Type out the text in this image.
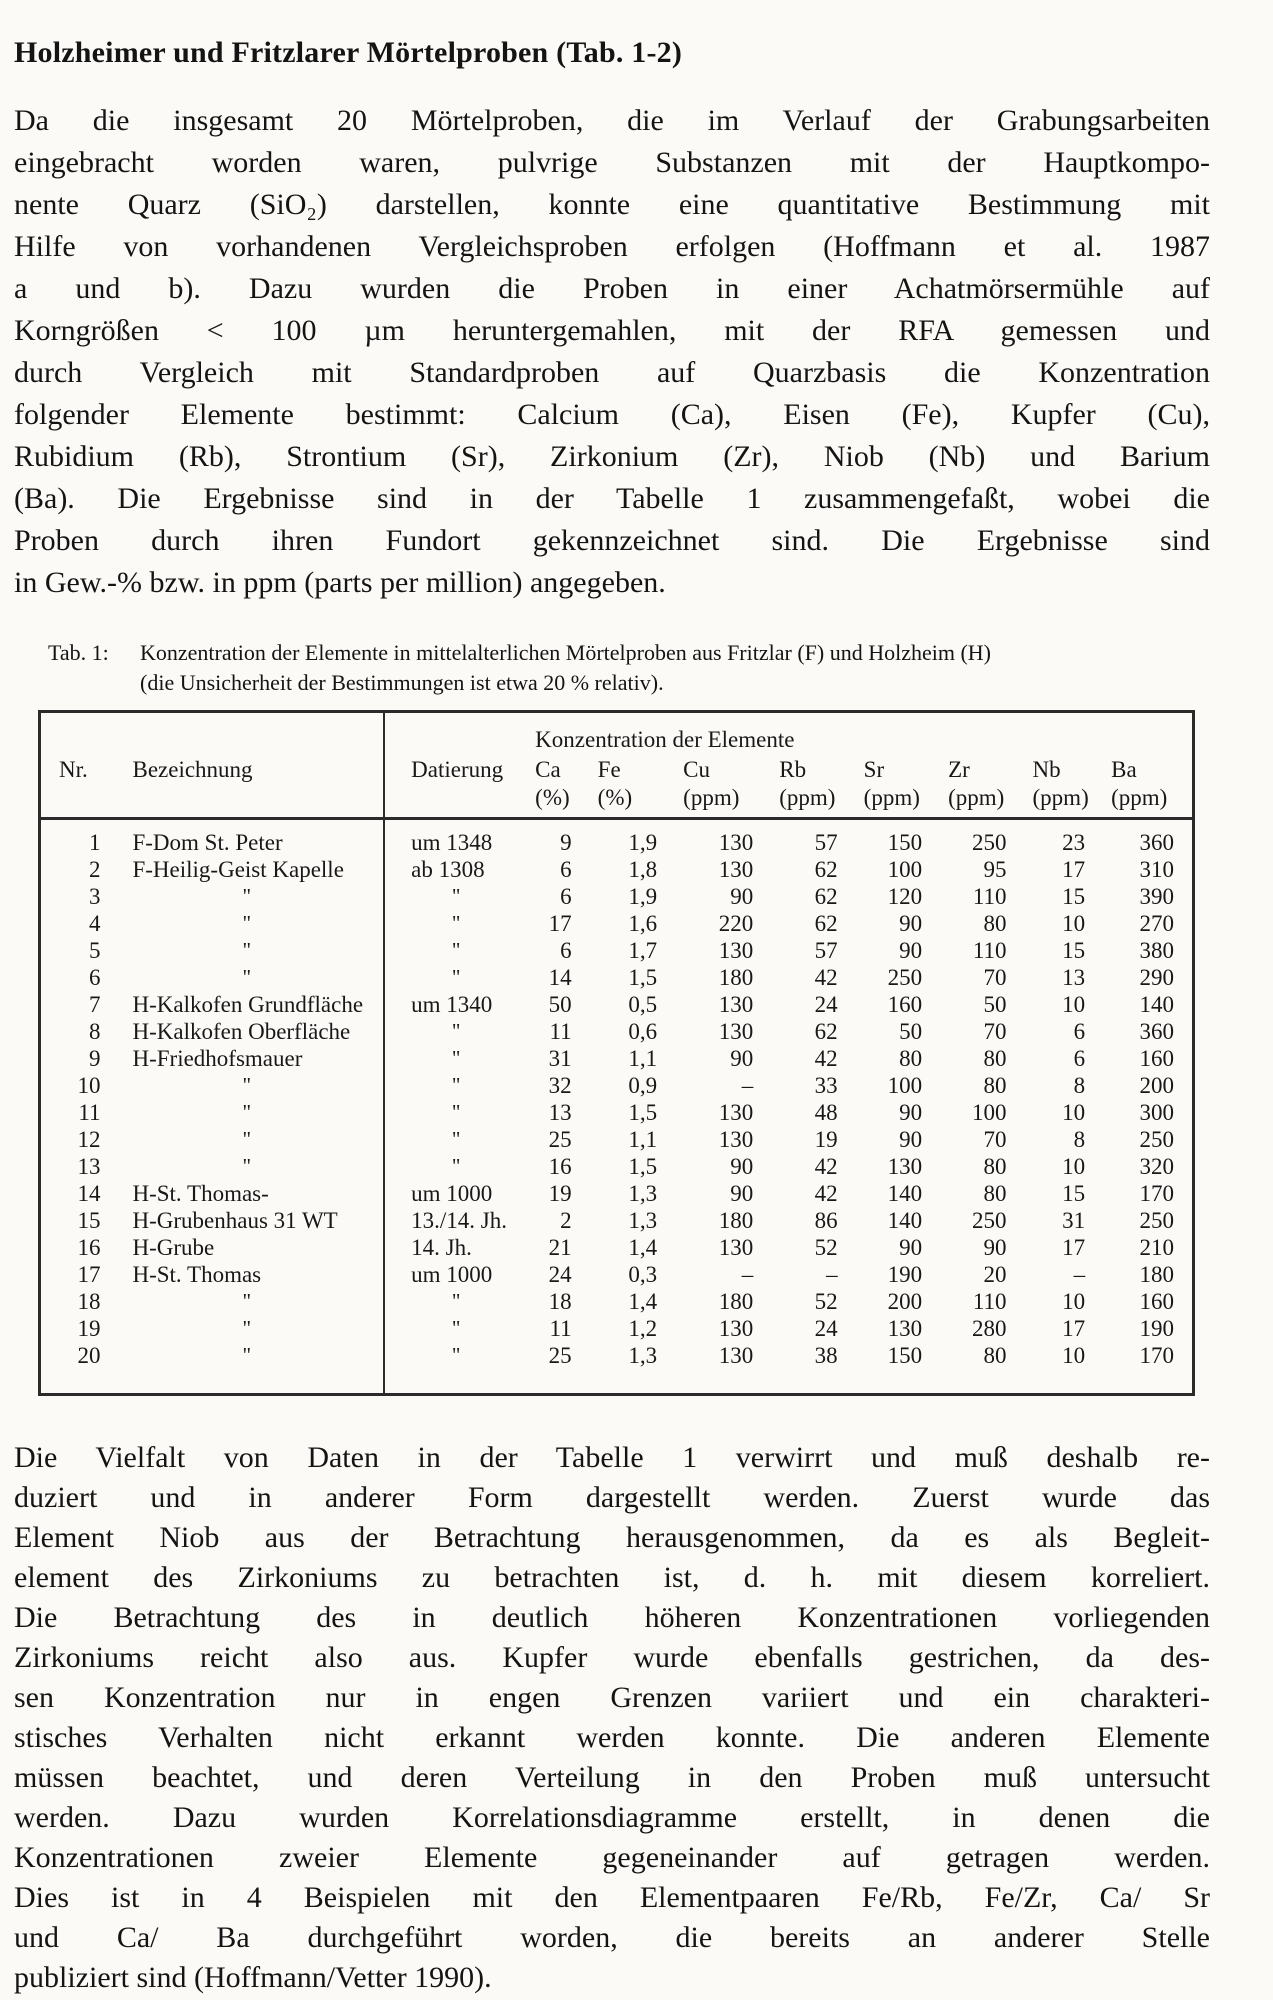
Holzheimer und Fritzlarer Mörtelproben (Tab. 1-2)
Da die insgesamt 20 Mörtelproben, die im Verlauf der Grabungsarbeiten
eingebracht worden waren, pulvrige Substanzen mit der Hauptkompo-
nente Quarz (SiO₂) darstellen, konnte eine quantitative Bestimmung mit
Hilfe von vorhandenen Vergleichsproben erfolgen (Hoffmann et al. 1987
a und b). Dazu wurden die Proben in einer Achatmörsermühle auf
Korngrößen < 100 µm heruntergemahlen, mit der RFA gemessen und
durch Vergleich mit Standardproben auf Quarzbasis die Konzentration
folgender Elemente bestimmt: Calcium (Ca), Eisen (Fe), Kupfer (Cu),
Rubidium (Rb), Strontium (Sr), Zirkonium (Zr), Niob (Nb) und Barium
(Ba). Die Ergebnisse sind in der Tabelle 1 zusammengefaßt, wobei die
Proben durch ihren Fundort gekennzeichnet sind. Die Ergebnisse sind
in Gew.-% bzw. in ppm (parts per million) angegeben.
Tab. 1:	Konzentration der Elemente in mittelalterlichen Mörtelproben aus Fritzlar (F) und Holzheim (H)
(die Unsicherheit der Bestimmungen ist etwa 20 % relativ).
			Konzentration der Elemente							
Nr.	Bezeichnung	Datierung	Ca	Fe	Cu	Rb	Sr	Zr	Nb	Ba
			(%)	(%)	(ppm)	(ppm)	(ppm)	(ppm)	(ppm)	(ppm)
1	F-Dom St. Peter	um 1348	9	1,9	130	57	150	250	23	360
2	F-Heilig-Geist Kapelle	ab 1308	6	1,8	130	62	100	95	17	310
3	"	"	6	1,9	90	62	120	110	15	390
4	"	"	17	1,6	220	62	90	80	10	270
5	"	"	6	1,7	130	57	90	110	15	380
6	"	"	14	1,5	180	42	250	70	13	290
7	H-Kalkofen Grundfläche	um 1340	50	0,5	130	24	160	50	10	140
8	H-Kalkofen Oberfläche	"	11	0,6	130	62	50	70	6	360
9	H-Friedhofsmauer	"	31	1,1	90	42	80	80	6	160
10	"	"	32	0,9	–	33	100	80	8	200
11	"	"	13	1,5	130	48	90	100	10	300
12	"	"	25	1,1	130	19	90	70	8	250
13	"	"	16	1,5	90	42	130	80	10	320
14	H-St. Thomas-	um 1000	19	1,3	90	42	140	80	15	170
15	H-Grubenhaus 31 WT	13./14. Jh.	2	1,3	180	86	140	250	31	250
16	H-Grube	14. Jh.	21	1,4	130	52	90	90	17	210
17	H-St. Thomas	um 1000	24	0,3	–	–	190	20	–	180
18	"	"	18	1,4	180	52	200	110	10	160
19	"	"	11	1,2	130	24	130	280	17	190
20	"	"	25	1,3	130	38	150	80	10	170
Die Vielfalt von Daten in der Tabelle 1 verwirrt und muß deshalb re-
duziert und in anderer Form dargestellt werden. Zuerst wurde das
Element Niob aus der Betrachtung herausgenommen, da es als Begleit-
element des Zirkoniums zu betrachten ist, d. h. mit diesem korreliert.
Die Betrachtung des in deutlich höheren Konzentrationen vorliegenden
Zirkoniums reicht also aus. Kupfer wurde ebenfalls gestrichen, da des-
sen Konzentration nur in engen Grenzen variiert und ein charakteri-
stisches Verhalten nicht erkannt werden konnte. Die anderen Elemente
müssen beachtet, und deren Verteilung in den Proben muß untersucht
werden. Dazu wurden Korrelationsdiagramme erstellt, in denen die
Konzentrationen zweier Elemente gegeneinander auf getragen werden.
Dies ist in 4 Beispielen mit den Elementpaaren Fe/Rb, Fe/Zr, Ca/ Sr
und Ca/ Ba durchgeführt worden, die bereits an anderer Stelle
publiziert sind (Hoffmann/Vetter 1990).
